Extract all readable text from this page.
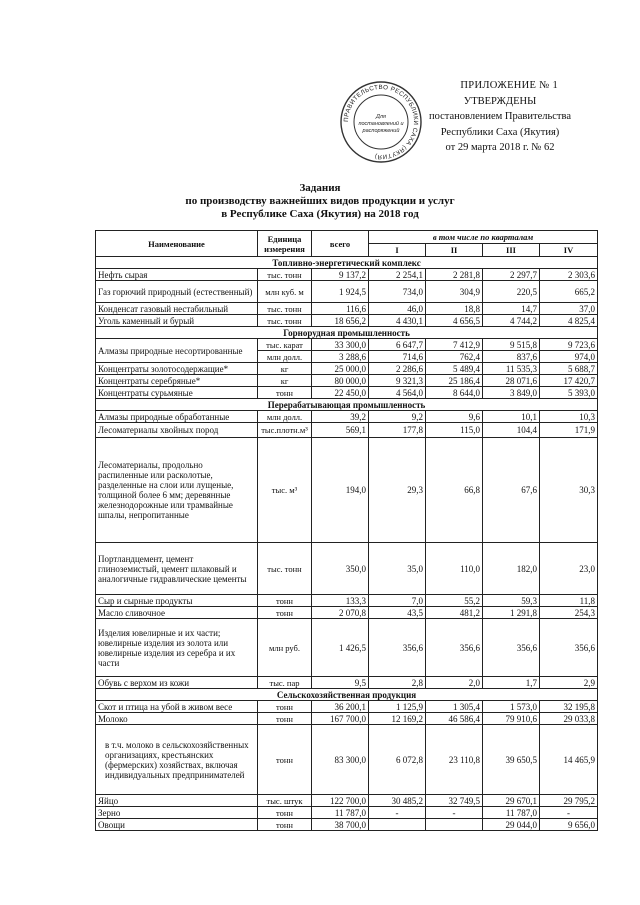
ПРАВИТЕЛЬСТВО РЕСПУБЛИКИ САХА (ЯКУТИЯ)
Для
постановлений и
распоряжений
ПРИЛОЖЕНИЕ № 1
УТВЕРЖДЕНЫ
постановлением Правительства
Республики Саха (Якутия)
от 29 марта 2018 г. № 62
Задания
по производству важнейших видов продукции и услуг
в Республике Саха (Якутия) на 2018 год
Наименование	Единица измерения	всего	в том числе по кварталам			
			I	II	III	IV
Топливно-энергетический комплекс						
Нефть сырая	тыс. тонн	9 137,2	2 254,1	2 281,8	2 297,7	2 303,6
Газ горючий природный (естественный)	млн куб. м	1 924,5	734,0	304,9	220,5	665,2
Конденсат газовый нестабильный	тыс. тонн	116,6	46,0	18,8	14,7	37,0
Уголь каменный и бурый	тыс. тонн	18 656,2	4 430,1	4 656,5	4 744,2	4 825,4
Горнорудная промышленность						
Алмазы природные несортированные	тыс. карат	33 300,0	6 647,7	7 412,9	9 515,8	9 723,6
	млн долл.	3 288,6	714,6	762,4	837,6	974,0
Концентраты золотосодержащие*	кг	25 000,0	2 286,6	5 489,4	11 535,3	5 688,7
Концентраты серебряные*	кг	80 000,0	9 321,3	25 186,4	28 071,6	17 420,7
Концентраты сурьмяные	тонн	22 450,0	4 564,0	8 644,0	3 849,0	5 393,0
Перерабатывающая промышленность						
Алмазы природные обработанные	млн долл.	39,2	9,2	9,6	10,1	10,3
Лесоматериалы хвойных пород	тыс.плотн.м³	569,1	177,8	115,0	104,4	171,9
Лесоматериалы, продольно распиленные или расколотые, разделенные на слои или лущеные, толщиной более 6 мм; деревянные железнодорожные или трамвайные шпалы, непропитанные	тыс. м³	194,0	29,3	66,8	67,6	30,3
Портландцемент, цемент глиноземистый, цемент шлаковый и аналогичные гидравлические цементы	тыс. тонн	350,0	35,0	110,0	182,0	23,0
Сыр и сырные продукты	тонн	133,3	7,0	55,2	59,3	11,8
Масло сливочное	тонн	2 070,8	43,5	481,2	1 291,8	254,3
Изделия ювелирные и их части; ювелирные изделия из золота или ювелирные изделия из серебра и их части	млн руб.	1 426,5	356,6	356,6	356,6	356,6
Обувь с верхом из кожи	тыс. пар	9,5	2,8	2,0	1,7	2,9
Сельскохозяйственная продукция						
Скот и птица на убой в живом весе	тонн	36 200,1	1 125,9	1 305,4	1 573,0	32 195,8
Молоко	тонн	167 700,0	12 169,2	46 586,4	79 910,6	29 033,8
в т.ч. молоко в сельскохозяйственных организациях, крестьянских (фермерских) хозяйствах, включая индивидуальных предпринимателей	тонн	83 300,0	6 072,8	23 110,8	39 650,5	14 465,9
Яйцо	тыс. штук	122 700,0	30 485,2	32 749,5	29 670,1	29 795,2
Зерно	тонн	11 787,0	-	-	11 787,0	-
Овощи	тонн	38 700,0			29 044,0	9 656,0
